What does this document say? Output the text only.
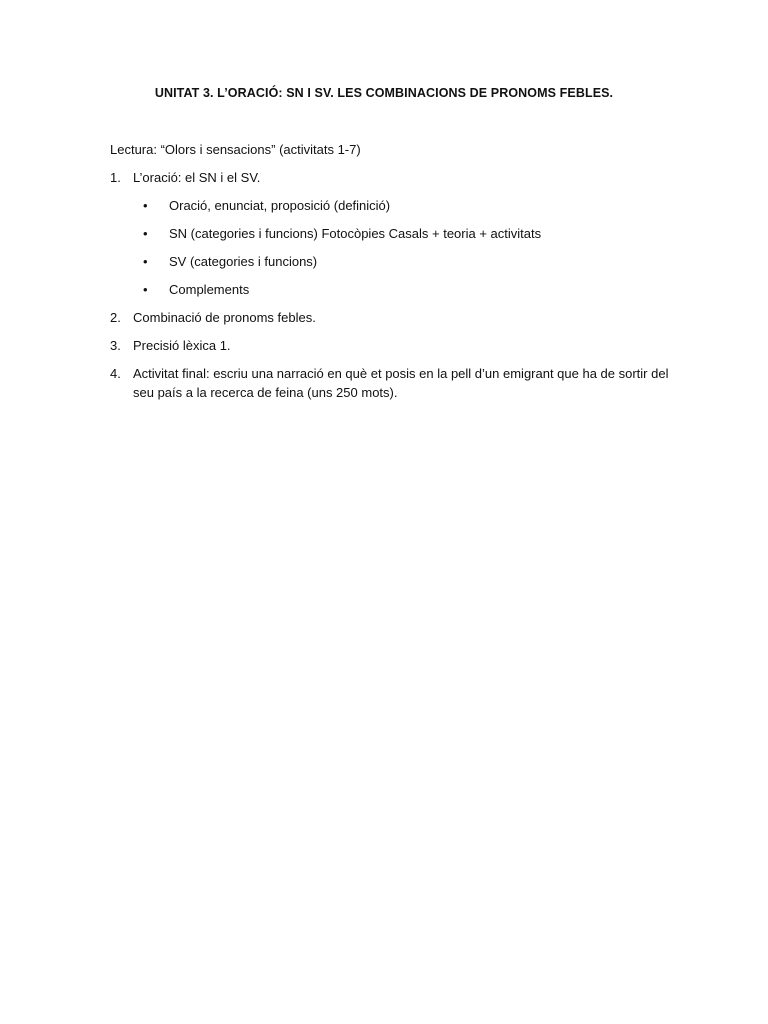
UNITAT 3. L’ORACIÓ: SN I SV. LES COMBINACIONS DE PRONOMS FEBLES.
Lectura: “Olors i sensacions” (activitats 1-7)
1. L’oració: el SN i el SV.
• Oració, enunciat, proposició (definició)
• SN (categories i funcions) Fotocòpies Casals + teoria + activitats
• SV (categories i funcions)
• Complements
2. Combinació de pronoms febles.
3. Precisió lèxica 1.
4. Activitat final: escriu una narració en què et posis en la pell d’un emigrant que ha de sortir del seu país a la recerca de feina (uns 250 mots).
